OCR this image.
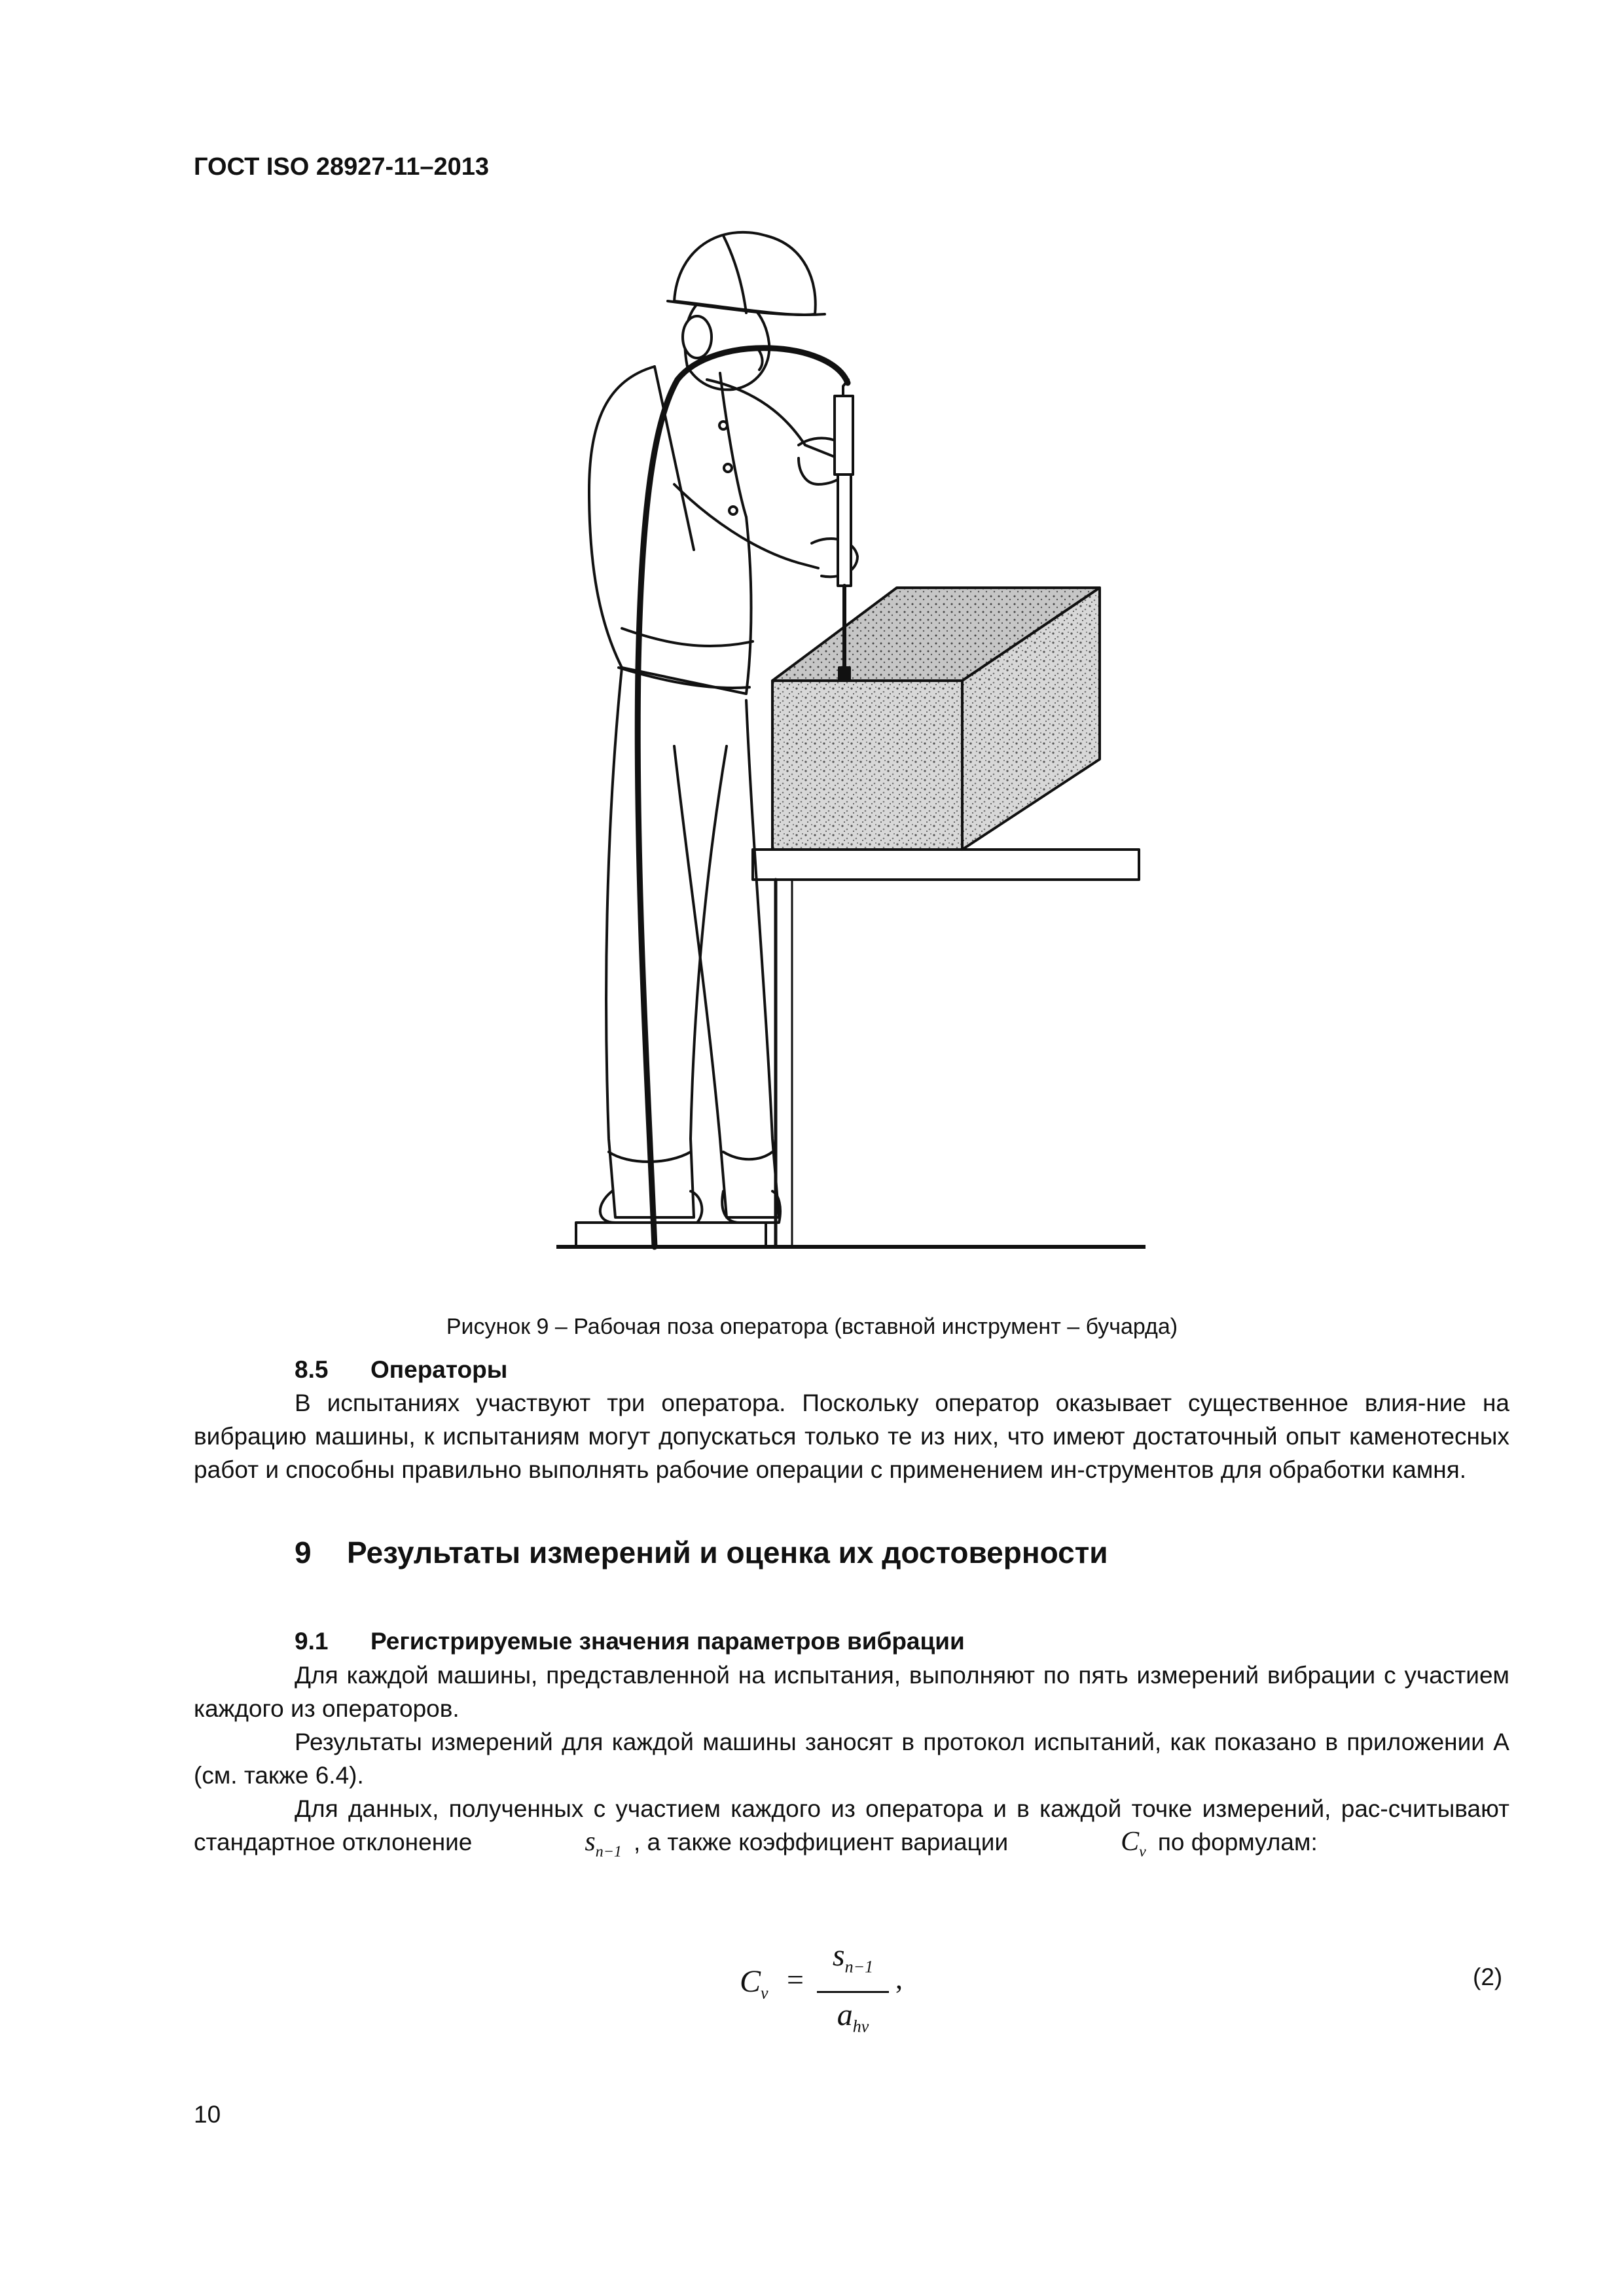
ГОСТ ISO 28927-11–2013
Рисунок 9 – Рабочая поза оператора (вставной инструмент – бучарда)
8.5 Операторы

В испытаниях участвуют три оператора. Поскольку оператор оказывает существенное влия-ние на вибрацию машины, к испытаниям могут допускаться только те из них, что имеют достаточный опыт каменотесных работ и способны правильно выполнять рабочие операции с применением ин-струментов для обработки камня.

9 Результаты измерений и оценка их достоверности
9.1 Регистрируемые значения параметров вибрации

Для каждой машины, представленной на испытания, выполняют по пять измерений вибрации с участием каждого из операторов.

Результаты измерений для каждой машины заносят в протокол испытаний, как показано в приложении А (см. также 6.4).

Для данных, полученных с участием каждого из оператора и в каждой точке измерений, рас-считывают стандартное отклонение	$s_{n-1}$ , а также коэффициент вариации	$C_v$ по формулам:

$C_v$ =
$s_{n-1}$
$a_{hv}$
,	(2)
10
